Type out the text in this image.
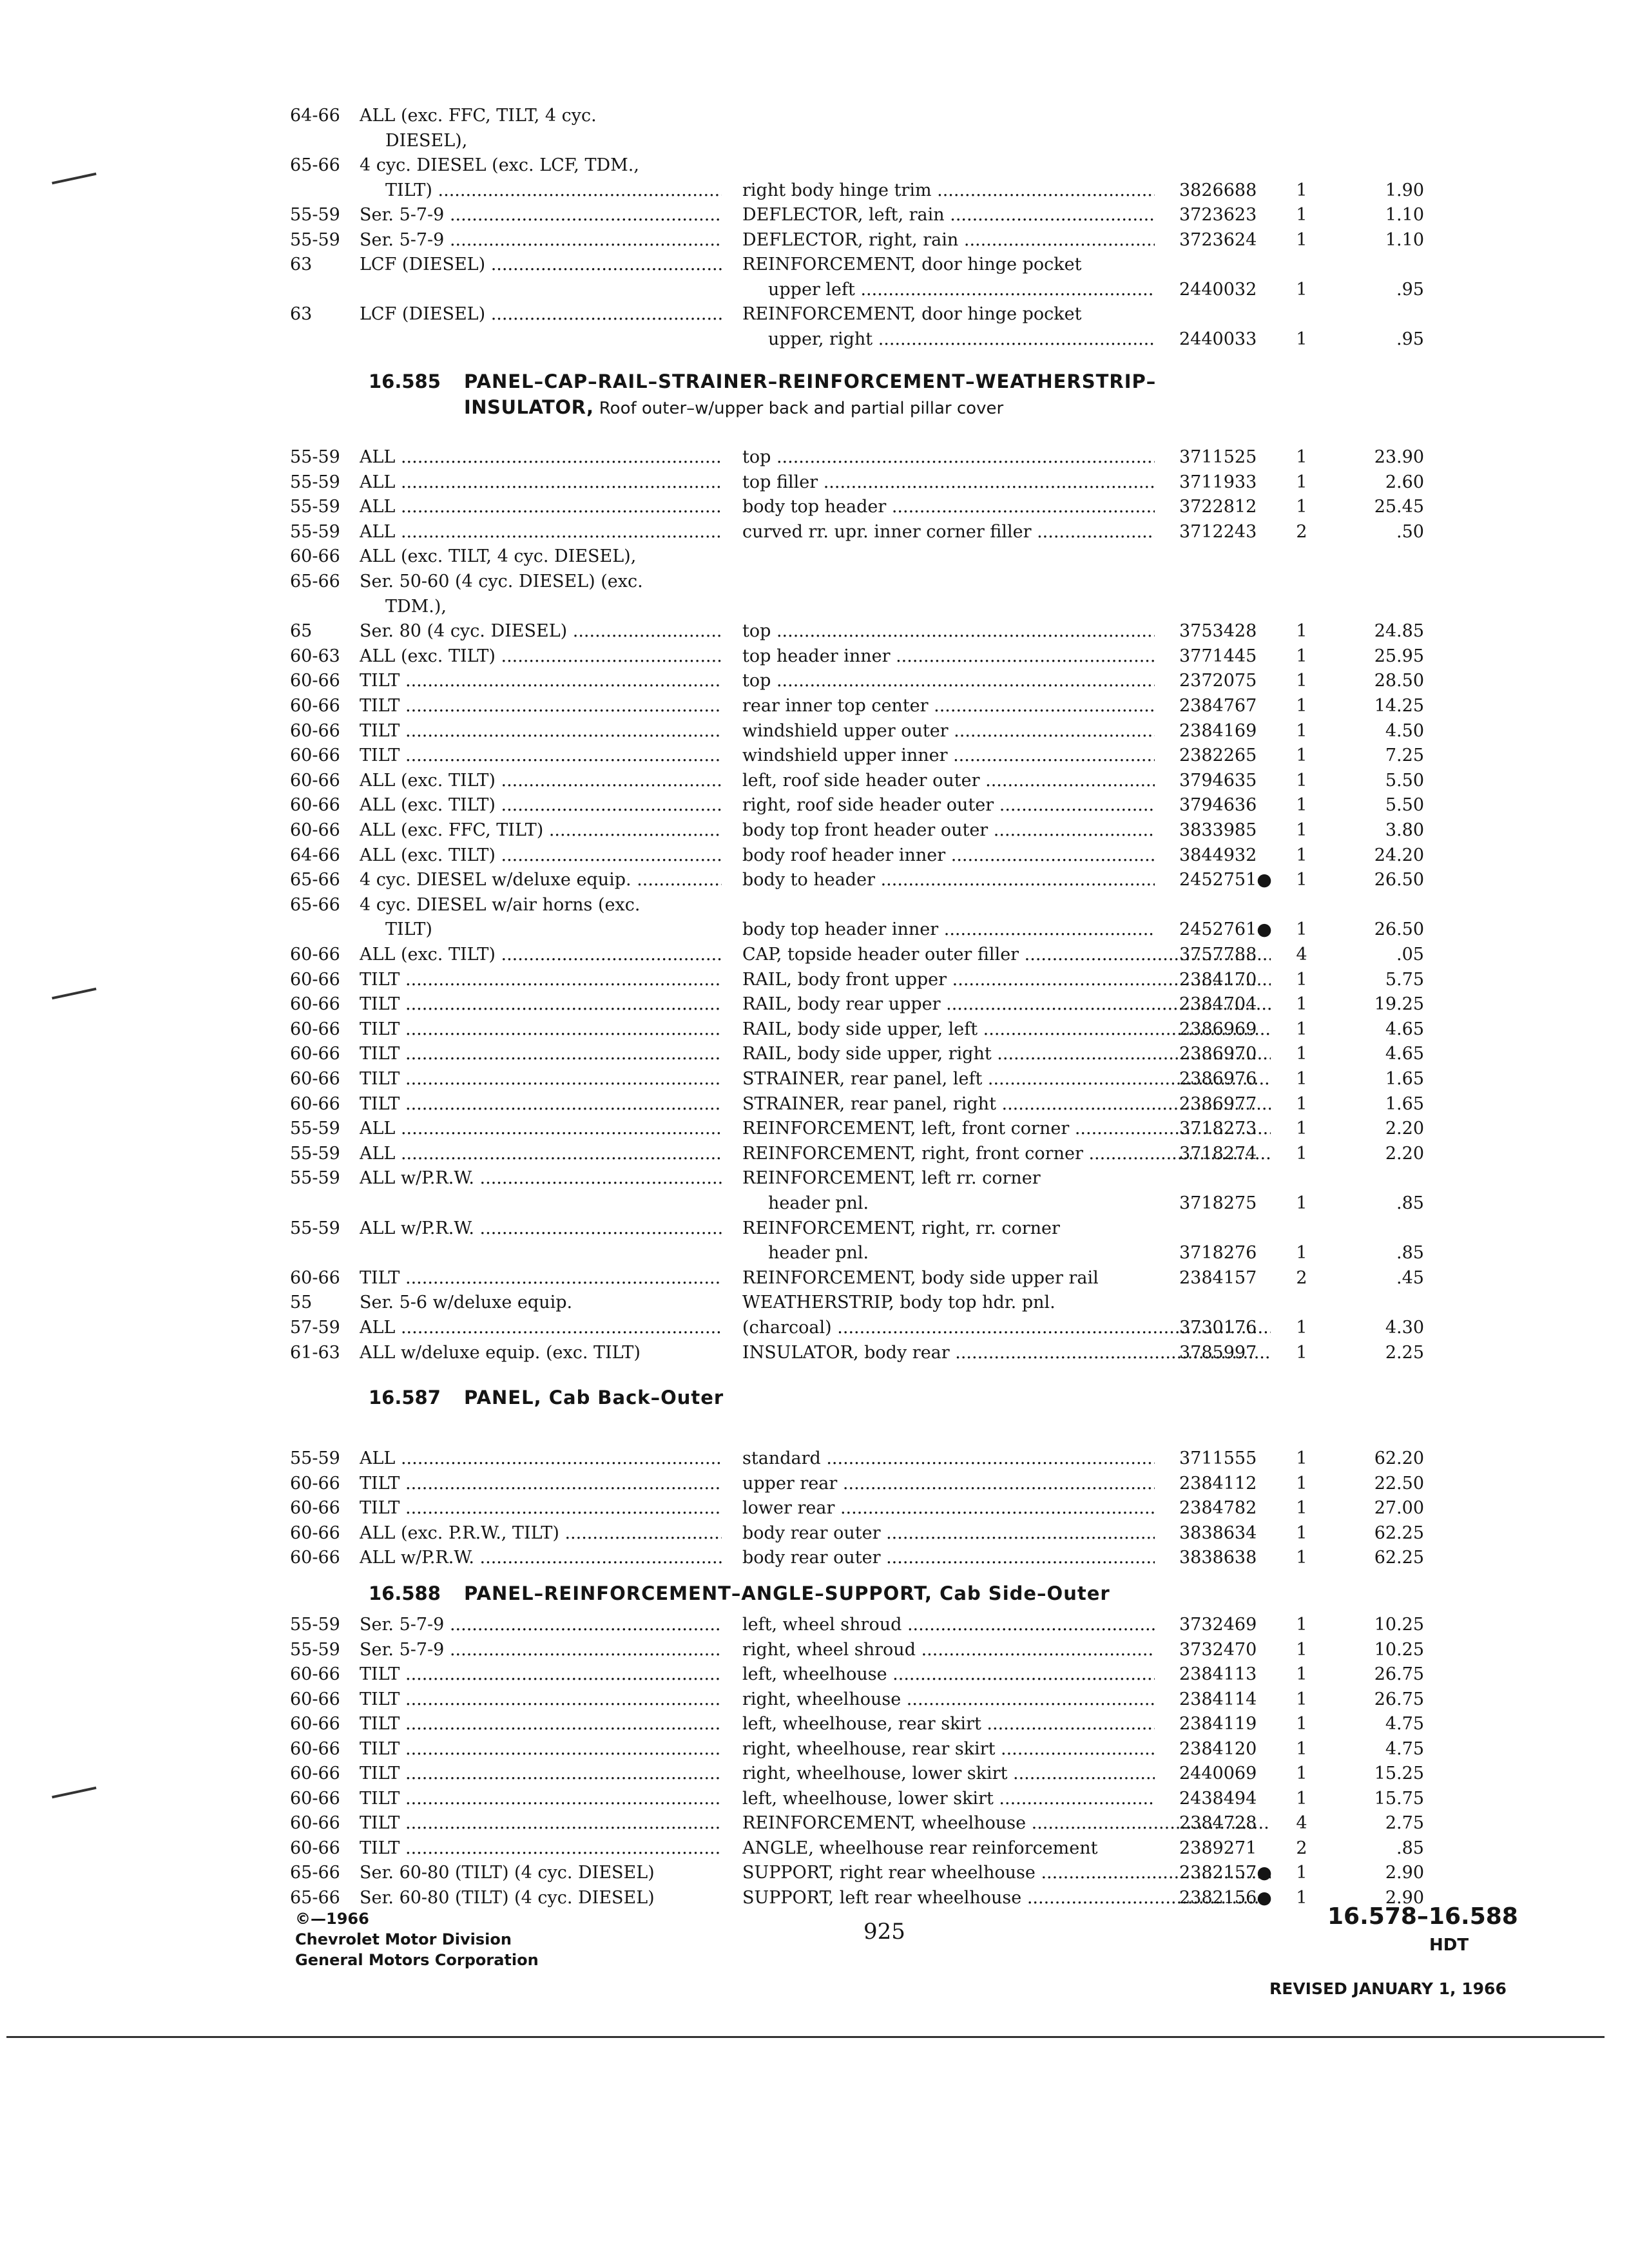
64-66	ALL (exc. FFC, TILT, 4 cyc.
DIESEL),
65-66	4 cyc. DIESEL (exc. LCF, TDM.,
TILT) .....	right body hinge trim .....	3826688	1	1.90
55-59	Ser. 5-7-9 .....	DEFLECTOR, left, rain .....	3723623	1	1.10
55-59	Ser. 5-7-9 .....	DEFLECTOR, right, rain .....	3723624	1	1.10
63	LCF (DIESEL) .....	REINFORCEMENT, door hinge pocket
upper left .....	2440032	1	.95
63	LCF (DIESEL) .....	REINFORCEMENT, door hinge pocket
upper, right .....	2440033	1	.95
16.585 PANEL–CAP–RAIL–STRAINER–REINFORCEMENT–WEATHERSTRIP–
INSULATOR, Roof outer–w/upper back and partial pillar cover
55-59	ALL .....	top .....	3711525	1	23.90
55-59	ALL .....	top filler .....	3711933	1	2.60
55-59	ALL .....	body top header .....	3722812	1	25.45
55-59	ALL .....	curved rr. upr. inner corner filler .....	3712243	2	.50
60-66	ALL (exc. TILT, 4 cyc. DIESEL),
65-66	Ser. 50-60 (4 cyc. DIESEL) (exc.
TDM.),
65	Ser. 80 (4 cyc. DIESEL) .....	top .....	3753428	1	24.85
60-63	ALL (exc. TILT) .....	top header inner .....	3771445	1	25.95
60-66	TILT .....	top .....	2372075	1	28.50
60-66	TILT .....	rear inner top center .....	2384767	1	14.25
60-66	TILT .....	windshield upper outer .....	2384169	1	4.50
60-66	TILT .....	windshield upper inner .....	2382265	1	7.25
60-66	ALL (exc. TILT) .....	left, roof side header outer .....	3794635	1	5.50
60-66	ALL (exc. TILT) .....	right, roof side header outer .....	3794636	1	5.50
60-66	ALL (exc. FFC, TILT) .....	body top front header outer .....	3833985	1	3.80
64-66	ALL (exc. TILT) .....	body roof header inner .....	3844932	1	24.20
65-66	4 cyc. DIESEL w/deluxe equip. .....	body to header .....	2452751●	1	26.50
65-66	4 cyc. DIESEL w/air horns (exc.
TILT)	body top header inner .....	2452761●	1	26.50
60-66	ALL (exc. TILT) .....	CAP, topside header outer filler .....	3757788	4	.05
60-66	TILT .....	RAIL, body front upper .....	2384170	1	5.75
60-66	TILT .....	RAIL, body rear upper .....	2384704	1	19.25
60-66	TILT .....	RAIL, body side upper, left .....	2386969	1	4.65
60-66	TILT .....	RAIL, body side upper, right .....	2386970	1	4.65
60-66	TILT .....	STRAINER, rear panel, left .....	2386976	1	1.65
60-66	TILT .....	STRAINER, rear panel, right .....	2386977	1	1.65
55-59	ALL .....	REINFORCEMENT, left, front corner .....	3718273	1	2.20
55-59	ALL .....	REINFORCEMENT, right, front corner .....	3718274	1	2.20
55-59	ALL w/P.R.W. .....	REINFORCEMENT, left rr. corner
header pnl.	3718275	1	.85
55-59	ALL w/P.R.W. .....	REINFORCEMENT, right, rr. corner
header pnl.	3718276	1	.85
60-66	TILT .....	REINFORCEMENT, body side upper rail	2384157	2	.45
55	Ser. 5-6 w/deluxe equip.	WEATHERSTRIP, body top hdr. pnl.
57-59	ALL .....	(charcoal) .....	3730176	1	4.30
61-63	ALL w/deluxe equip. (exc. TILT)	INSULATOR, body rear .....	3785997	1	2.25
16.587 PANEL, Cab Back–Outer
55-59	ALL .....	standard .....	3711555	1	62.20
60-66	TILT .....	upper rear .....	2384112	1	22.50
60-66	TILT .....	lower rear .....	2384782	1	27.00
60-66	ALL (exc. P.R.W., TILT) .....	body rear outer .....	3838634	1	62.25
60-66	ALL w/P.R.W. .....	body rear outer .....	3838638	1	62.25
16.588 PANEL–REINFORCEMENT–ANGLE–SUPPORT, Cab Side–Outer
55-59	Ser. 5-7-9 .....	left, wheel shroud .....	3732469	1	10.25
55-59	Ser. 5-7-9 .....	right, wheel shroud .....	3732470	1	10.25
60-66	TILT .....	left, wheelhouse .....	2384113	1	26.75
60-66	TILT .....	right, wheelhouse .....	2384114	1	26.75
60-66	TILT .....	left, wheelhouse, rear skirt .....	2384119	1	4.75
60-66	TILT .....	right, wheelhouse, rear skirt .....	2384120	1	4.75
60-66	TILT .....	right, wheelhouse, lower skirt .....	2440069	1	15.25
60-66	TILT .....	left, wheelhouse, lower skirt .....	2438494	1	15.75
60-66	TILT .....	REINFORCEMENT, wheelhouse .....	2384728	4	2.75
60-66	TILT .....	ANGLE, wheelhouse rear reinforcement	2389271	2	.85
65-66	Ser. 60-80 (TILT) (4 cyc. DIESEL)	SUPPORT, right rear wheelhouse .....	2382157●	1	2.90
65-66	Ser. 60-80 (TILT) (4 cyc. DIESEL)	SUPPORT, left rear wheelhouse .....	2382156●	1	2.90
©—1966
Chevrolet Motor Division
General Motors Corporation
925
16.578–16.588
HDT
REVISED JANUARY 1, 1966
